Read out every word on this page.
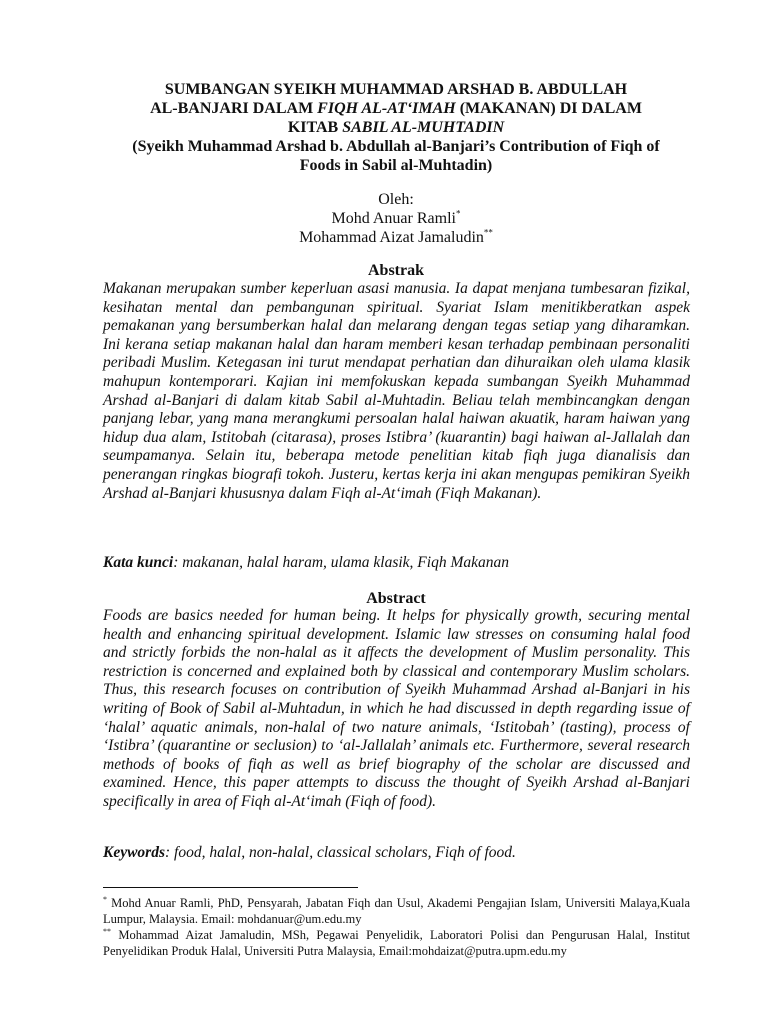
SUMBANGAN SYEIKH MUHAMMAD ARSHAD B. ABDULLAH
AL-BANJARI DALAM FIQH AL-AT‘IMAH (MAKANAN) DI DALAM
KITAB SABIL AL-MUHTADIN
(Syeikh Muhammad Arshad b. Abdullah al-Banjari’s Contribution of Fiqh of
Foods in Sabil al-Muhtadin)
Oleh:
Mohd Anuar Ramli*
Mohammad Aizat Jamaludin**
Abstrak
Makanan merupakan sumber keperluan asasi manusia. Ia dapat menjana tumbesaran fizikal, kesihatan mental dan pembangunan spiritual. Syariat Islam menitikberatkan aspek pemakanan yang bersumberkan halal dan melarang dengan tegas setiap yang diharamkan. Ini kerana setiap makanan halal dan haram memberi kesan terhadap pembinaan personaliti peribadi Muslim. Ketegasan ini turut mendapat perhatian dan dihuraikan oleh ulama klasik mahupun kontemporari. Kajian ini memfokuskan kepada sumbangan Syeikh Muhammad Arshad al-Banjari di dalam kitab Sabil al-Muhtadin. Beliau telah membincangkan dengan panjang lebar, yang mana merangkumi persoalan halal haiwan akuatik, haram haiwan yang hidup dua alam, Istitobah (citarasa), proses Istibra’ (kuarantin) bagi haiwan al-Jallalah dan seumpamanya. Selain itu, beberapa metode penelitian kitab fiqh juga dianalisis dan penerangan ringkas biografi tokoh. Justeru, kertas kerja ini akan mengupas pemikiran Syeikh Arshad al-Banjari khususnya dalam Fiqh al-At‘imah (Fiqh Makanan).
Kata kunci: makanan, halal haram, ulama klasik, Fiqh Makanan
Abstract
Foods are basics needed for human being. It helps for physically growth, securing mental health and enhancing spiritual development. Islamic law stresses on consuming halal food and strictly forbids the non-halal as it affects the development of Muslim personality. This restriction is concerned and explained both by classical and contemporary Muslim scholars. Thus, this research focuses on contribution of Syeikh Muhammad Arshad al-Banjari in his writing of Book of Sabil al-Muhtadun, in which he had discussed in depth regarding issue of ‘halal’ aquatic animals, non-halal of two nature animals, ‘Istitobah’ (tasting), process of ‘Istibra’ (quarantine or seclusion) to ‘al-Jallalah’ animals etc. Furthermore, several research methods of books of fiqh as well as brief biography of the scholar are discussed and examined. Hence, this paper attempts to discuss the thought of Syeikh Arshad al-Banjari specifically in area of Fiqh al-At‘imah (Fiqh of food).
Keywords: food, halal, non-halal, classical scholars, Fiqh of food.
* Mohd Anuar Ramli, PhD, Pensyarah, Jabatan Fiqh dan Usul, Akademi Pengajian Islam, Universiti Malaya,Kuala Lumpur, Malaysia. Email: mohdanuar@um.edu.my
** Mohammad Aizat Jamaludin, MSh, Pegawai Penyelidik, Laboratori Polisi dan Pengurusan Halal, Institut Penyelidikan Produk Halal, Universiti Putra Malaysia, Email:mohdaizat@putra.upm.edu.my
